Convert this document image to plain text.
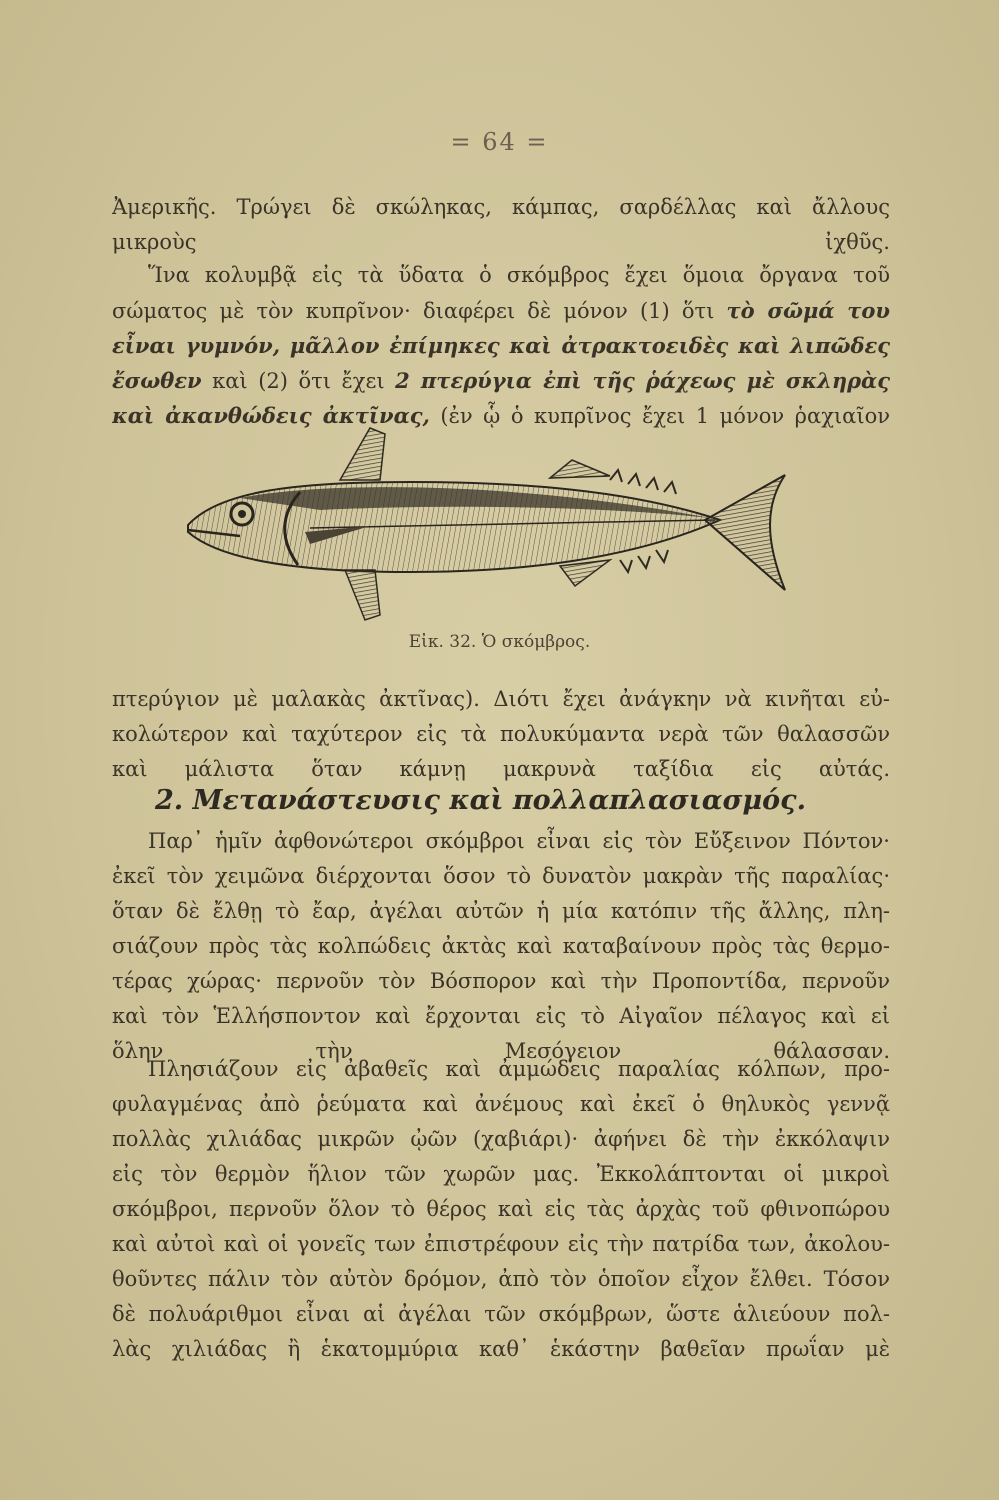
= 64 =
Ἀμερικῆς. Τρώγει δὲ σκώληκας, κάμπας, σαρδέλλας καὶ ἄλλους
μικροὺς ἰχθῦς.
Ἵνα κολυμβᾷ εἰς τὰ ὕδατα ὁ σκόμβρος ἔχει ὅμοια ὄργανα τοῦ
σώματος μὲ τὸν κυπρῖνον· διαφέρει δὲ μόνον (1) ὅτι τὸ σῶμά του
εἶναι γυμνόν, μᾶλλον ἐπίμηκες καὶ ἀτρακτοειδὲς καὶ λιπῶδες
ἔσωθεν καὶ (2) ὅτι ἔχει 2 πτερύγια ἐπὶ τῆς ῥάχεως μὲ σκληρὰς
καὶ ἀκανθώδεις ἀκτῖνας, (ἐν ᾧ ὁ κυπρῖνος ἔχει 1 μόνον ῥαχιαῖον
Εἰκ. 32. Ὁ σκόμβρος.
πτερύγιον μὲ μαλακὰς ἀκτῖνας). Διότι ἔχει ἀνάγκην νὰ κινῆται εὐ-
κολώτερον καὶ ταχύτερον εἰς τὰ πολυκύμαντα νερὰ τῶν θαλασσῶν
καὶ μάλιστα ὅταν κάμνῃ μακρυνὰ ταξίδια εἰς αὐτάς.
2. Μετανάστευσις καὶ πολλαπλασιασμός.
Παρ᾽ ἡμῖν ἀφθονώτεροι σκόμβροι εἶναι εἰς τὸν Εὔξεινον Πόντον·
ἐκεῖ τὸν χειμῶνα διέρχονται ὅσον τὸ δυνατὸν μακρὰν τῆς παραλίας·
ὅταν δὲ ἔλθῃ τὸ ἔαρ, ἀγέλαι αὐτῶν ἡ μία κατόπιν τῆς ἄλλης, πλη-
σιάζουν πρὸς τὰς κολπώδεις ἀκτὰς καὶ καταβαίνουν πρὸς τὰς θερμο-
τέρας χώρας· περνοῦν τὸν Βόσπορον καὶ τὴν Προποντίδα, περνοῦν
καὶ τὸν Ἑλλήσποντον καὶ ἔρχονται εἰς τὸ Αἰγαῖον πέλαγος καὶ εἰ
ὅλην τὴν Μεσόγειον θάλασσαν.
Πλησιάζουν εἰς ἀβαθεῖς καὶ ἀμμώδεις παραλίας κόλπων, προ-
φυλαγμένας ἀπὸ ῥεύματα καὶ ἀνέμους καὶ ἐκεῖ ὁ θηλυκὸς γεννᾷ
πολλὰς χιλιάδας μικρῶν ᾠῶν (χαβιάρι)· ἀφήνει δὲ τὴν ἐκκόλαψιν
εἰς τὸν θερμὸν ἥλιον τῶν χωρῶν μας. Ἐκκολάπτονται οἱ μικροὶ
σκόμβροι, περνοῦν ὅλον τὸ θέρος καὶ εἰς τὰς ἀρχὰς τοῦ φθινοπώρου
καὶ αὐτοὶ καὶ οἱ γονεῖς των ἐπιστρέφουν εἰς τὴν πατρίδα των, ἀκολου-
θοῦντες πάλιν τὸν αὐτὸν δρόμον, ἀπὸ τὸν ὁποῖον εἶχον ἔλθει. Τόσον
δὲ πολυάριθμοι εἶναι αἱ ἀγέλαι τῶν σκόμβρων, ὥστε ἁλιεύουν πολ-
λὰς χιλιάδας ἢ ἑκατομμύρια καθ᾽ ἑκάστην βαθεῖαν πρωΐαν μὲ
